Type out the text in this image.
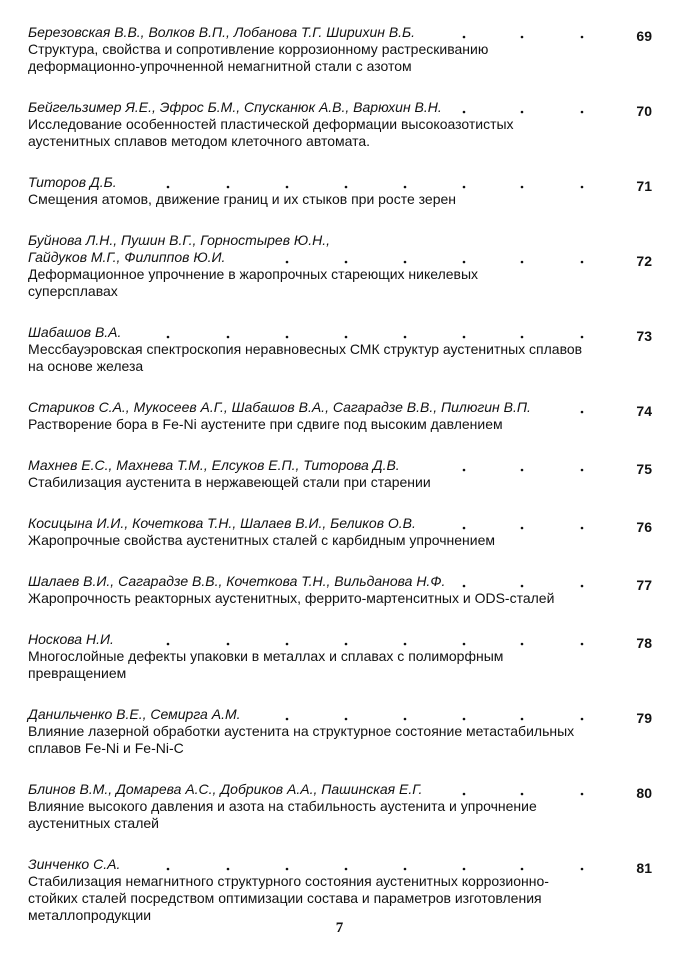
Березовская В.В., Волков В.П., Лобанова Т.Г. Ширихин В.Б.
Структура, свойства и сопротивление коррозионному растрескиванию
деформационно-упрочненной немагнитной стали с азотом
69
Бейгельзимер Я.Е., Эфрос Б.М., Спусканюк А.В., Варюхин В.Н.
Исследование особенностей пластической деформации высокоазотистых
аустенитных сплавов методом клеточного автомата.
70
Титоров Д.Б.
Смещения атомов, движение границ и их стыков при росте зерен
71
Буйнова Л.Н., Пушин В.Г., Горностырев Ю.Н.,
Гайдуков М.Г., Филиппов Ю.И.
Деформационное упрочнение в жаропрочных стареющих никелевых
суперсплавах
72
Шабашов В.А.
Мессбауэровская спектроскопия неравновесных СМК структур аустенитных сплавов
на основе железа
73
Стариков С.А., Мукосеев А.Г., Шабашов В.А., Сагарадзе В.В., Пилюгин В.П.
Растворение бора в Fe-Ni аустените при сдвиге под высоким давлением
74
Махнев Е.С., Махнева Т.М., Елсуков Е.П., Титорова Д.В.
Стабилизация аустенита в нержавеющей стали при старении
75
Косицына И.И., Кочеткова Т.Н., Шалаев В.И., Беликов О.В.
Жаропрочные свойства аустенитных сталей с карбидным упрочнением
76
Шалаев В.И., Сагарадзе В.В., Кочеткова Т.Н., Вильданова Н.Ф.
Жаропрочность реакторных аустенитных, феррито-мартенситных и ODS-сталей
77
Носкова Н.И.
Многослойные дефекты упаковки в металлах и сплавах с полиморфным
превращением
78
Данильченко В.Е., Семирга А.М.
Влияние лазерной обработки аустенита на структурное состояние метастабильных
сплавов Fe-Ni и Fe-Ni-C
79
Блинов В.М., Домарева А.С., Добриков А.А., Пашинская Е.Г.
Влияние высокого давления и азота на стабильность аустенита и упрочнение
аустенитных сталей
80
Зинченко С.А.
Стабилизация немагнитного структурного состояния аустенитных коррозионно-
стойких сталей посредством оптимизации состава и параметров изготовления
металлопродукции
81
7
